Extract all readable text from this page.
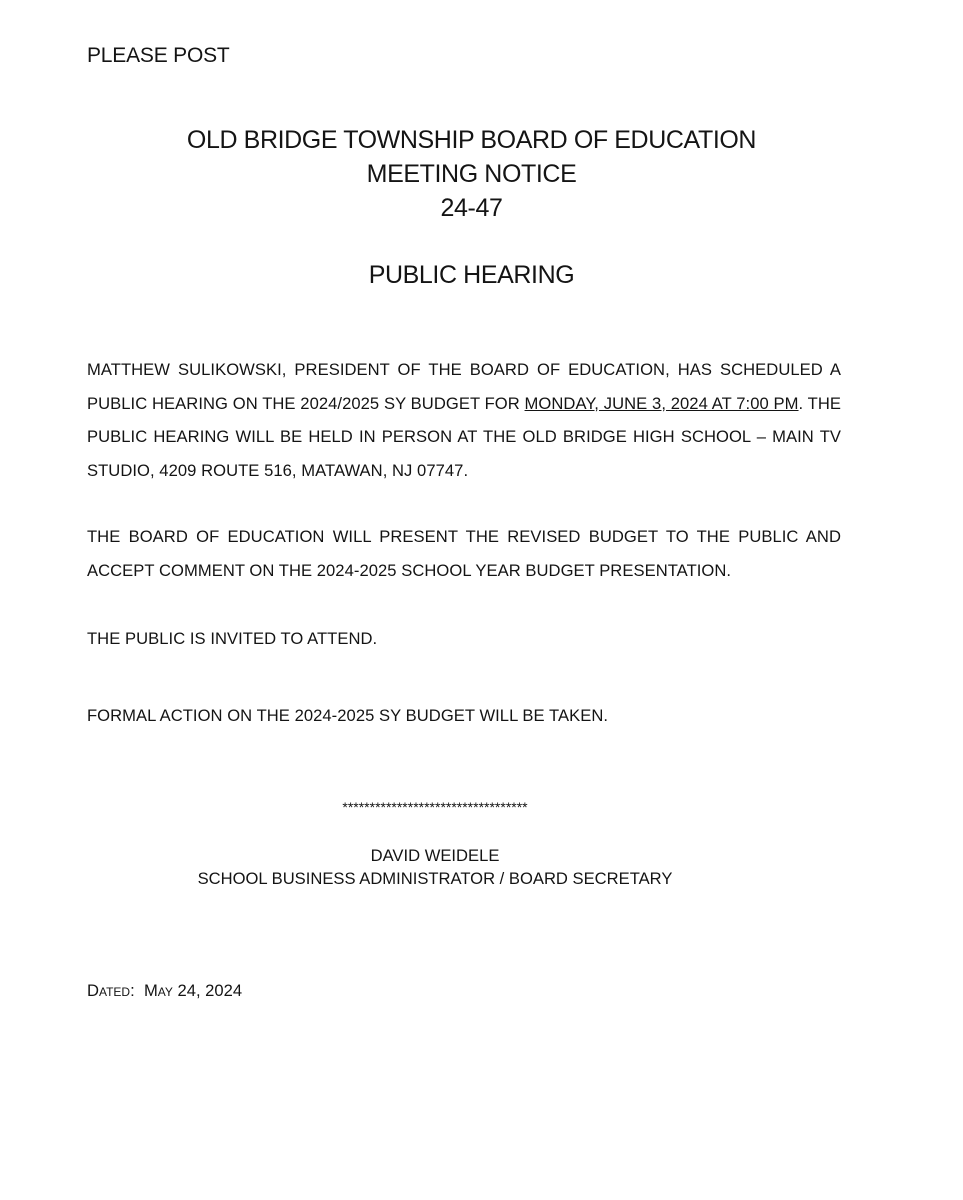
PLEASE POST
OLD BRIDGE TOWNSHIP BOARD OF EDUCATION
MEETING NOTICE
24-47
PUBLIC HEARING
MATTHEW SULIKOWSKI, PRESIDENT OF THE BOARD OF EDUCATION, HAS SCHEDULED A PUBLIC HEARING ON THE 2024/2025 SY BUDGET FOR MONDAY, JUNE 3, 2024 AT 7:00 PM. THE PUBLIC HEARING WILL BE HELD IN PERSON AT THE OLD BRIDGE HIGH SCHOOL – MAIN TV STUDIO, 4209 ROUTE 516, MATAWAN, NJ 07747.
THE BOARD OF EDUCATION WILL PRESENT THE REVISED BUDGET TO THE PUBLIC AND ACCEPT COMMENT ON THE 2024-2025 SCHOOL YEAR BUDGET PRESENTATION.
THE PUBLIC IS INVITED TO ATTEND.
FORMAL ACTION ON THE 2024-2025 SY BUDGET WILL BE TAKEN.
**********************************
DAVID WEIDELE
SCHOOL BUSINESS ADMINISTRATOR / BOARD SECRETARY
Dated: May 24, 2024
